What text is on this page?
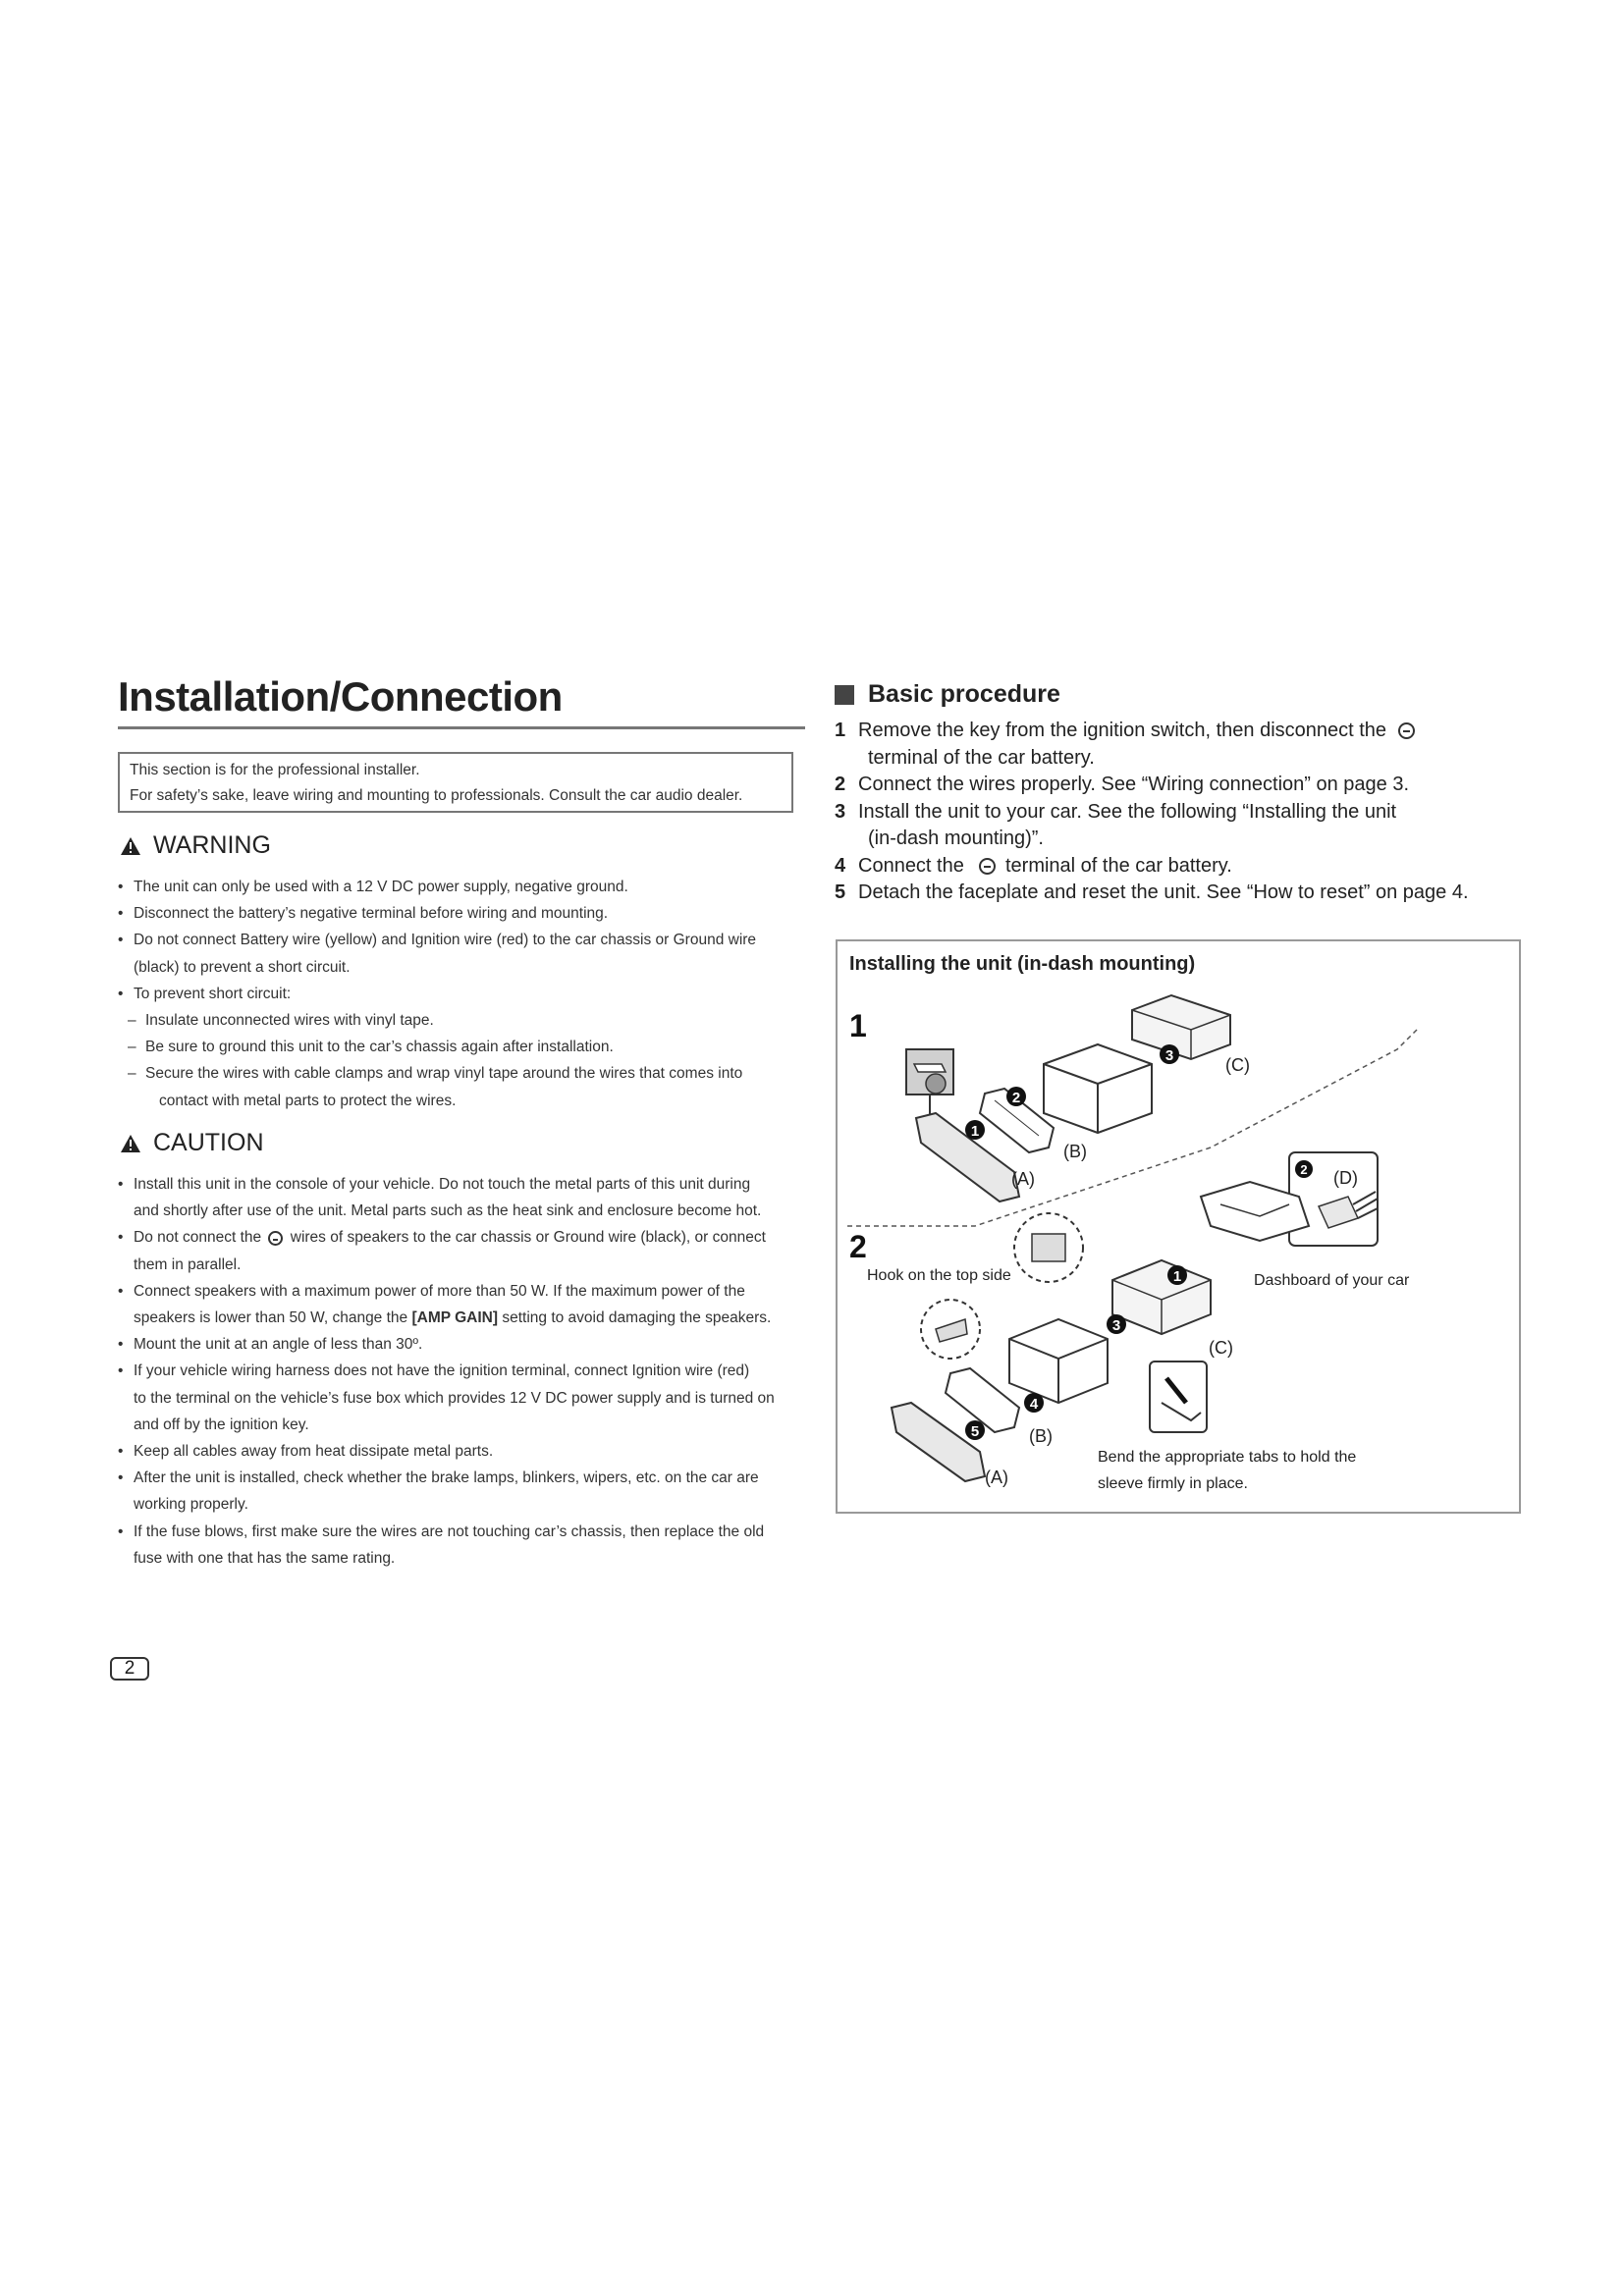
Installation/Connection
This section is for the professional installer.
For safety’s sake, leave wiring and mounting to professionals. Consult the car audio dealer.
WARNING
• The unit can only be used with a 12 V DC power supply, negative ground.
• Disconnect the battery’s negative terminal before wiring and mounting.
• Do not connect Battery wire (yellow) and Ignition wire (red) to the car chassis or Ground wire
(black) to prevent a short circuit.
• To prevent short circuit:
– Insulate unconnected wires with vinyl tape.
– Be sure to ground this unit to the car’s chassis again after installation.
– Secure the wires with cable clamps and wrap vinyl tape around the wires that comes into
contact with metal parts to protect the wires.
CAUTION
• Install this unit in the console of your vehicle. Do not touch the metal parts of this unit during
and shortly after use of the unit. Metal parts such as the heat sink and enclosure become hot.
• Do not connect the wires of speakers to the car chassis or Ground wire (black), or connect
them in parallel.
• Connect speakers with a maximum power of more than 50 W. If the maximum power of the
speakers is lower than 50 W, change the [AMP GAIN] setting to avoid damaging the speakers.
• Mount the unit at an angle of less than 30º.
• If your vehicle wiring harness does not have the ignition terminal, connect Ignition wire (red)
to the terminal on the vehicle’s fuse box which provides 12 V DC power supply and is turned on
and off by the ignition key.
• Keep all cables away from heat dissipate metal parts.
• After the unit is installed, check whether the brake lamps, blinkers, wipers, etc. on the car are
working properly.
• If the fuse blows, first make sure the wires are not touching car’s chassis, then replace the old
fuse with one that has the same rating.
Basic procedure
1 Remove the key from the ignition switch, then disconnect the
terminal of the car battery.
2 Connect the wires properly. See “Wiring connection” on page 3.
3 Install the unit to your car. See the following “Installing the unit
(in-dash mounting)”.
4 Connect the terminal of the car battery.
5 Detach the faceplate and reset the unit. See “How to reset” on page 4.
Installing the unit (in-dash mounting)
1
2
1
2
3	(C)
(B)
(A)	2 (D)
Dashboard of your car
Hook on the top side	1
3
(C)
4
(B)
5
(A)
Bend the appropriate tabs to hold the
sleeve firmly in place.
2
